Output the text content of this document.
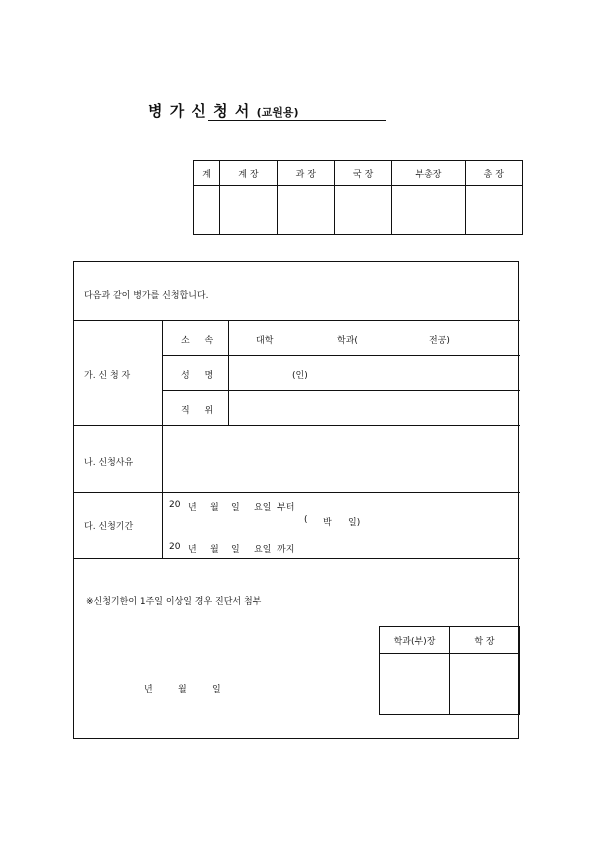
병 가 신 청 서 (교원용)
계	계 장	과 장	국 장	부총장	총 장

다음과 같이 병가를 신청합니다.
가. 신 청 자
소 속	대학	학과(	전공)
성 명	(인)
직 위
나. 신청사유
다. 신청기간
20 년 월 일 요일 부터
( 박 일)
20 년 월 일 요일 까지
※신청기한이 1주일 이상일 경우 진단서 첨부
년	월	일
학과(부)장	학 장
